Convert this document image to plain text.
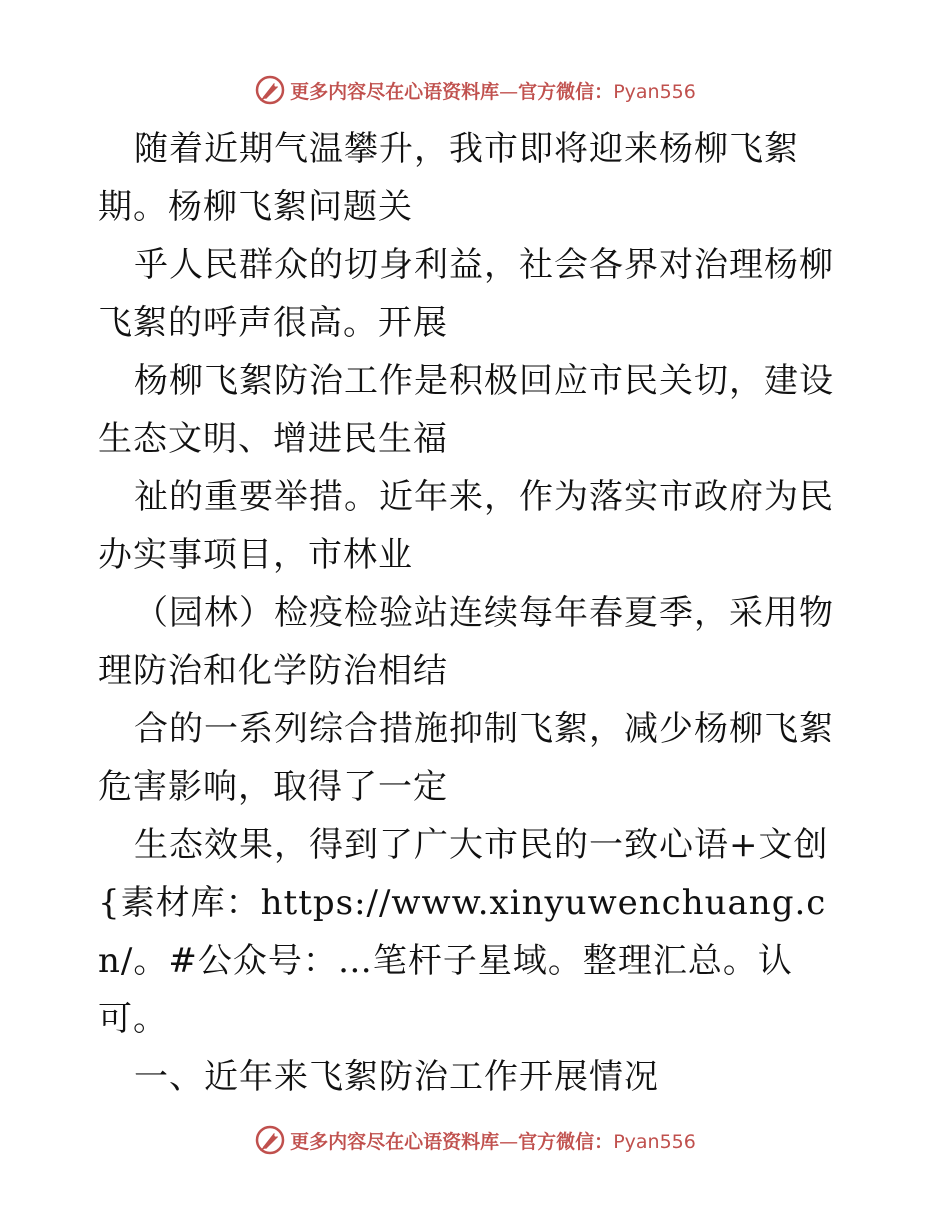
更多内容尽在心语资料库—官方微信：Pyan556

随着近期气温攀升，我市即将迎来杨柳飞絮期。杨柳飞絮问题关

乎人民群众的切身利益，社会各界对治理杨柳飞絮的呼声很高。开展

杨柳飞絮防治工作是积极回应市民关切，建设生态文明、增进民生福

祉的重要举措。近年来，作为落实市政府为民办实事项目，市林业

（园林）检疫检验站连续每年春夏季，采用物理防治和化学防治相结

合的一系列综合措施抑制飞絮，减少杨柳飞絮危害影响，取得了一定

生态效果，得到了广大市民的一致心语+文创{素材库：https://www.xinyuwenchuang.cn/。#公众号：…笔杆子星域。整理汇总。认可。

一、近年来飞絮防治工作开展情况

更多内容尽在心语资料库—官方微信：Pyan556
